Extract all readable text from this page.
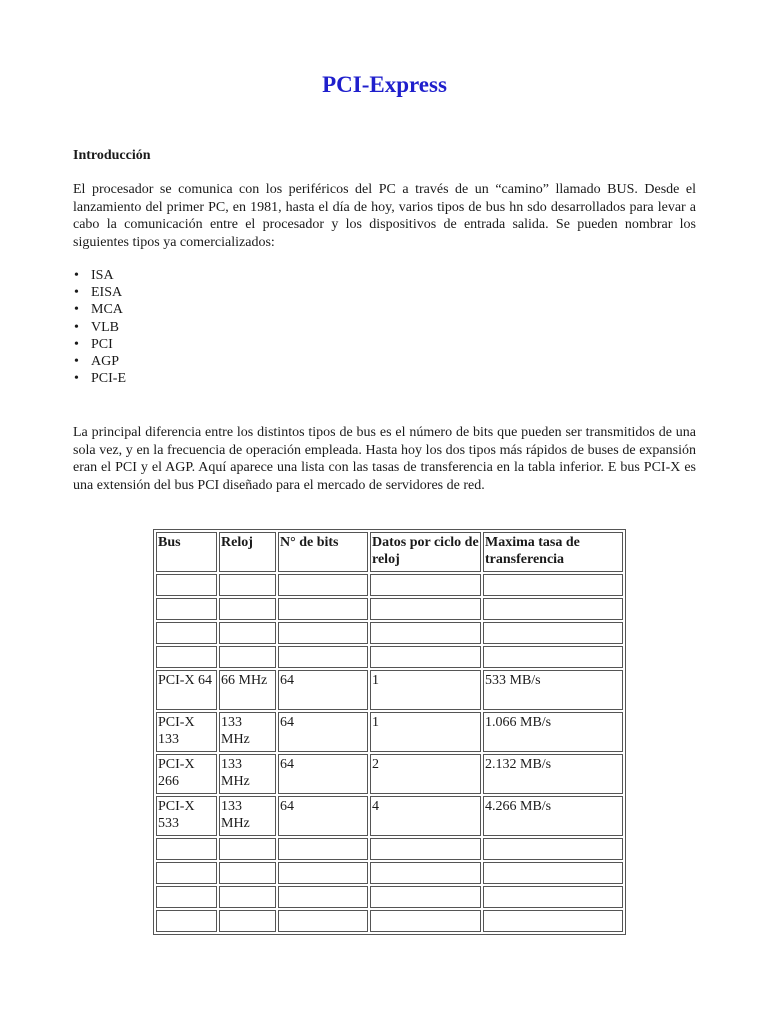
PCI-Express
Introducción

El procesador se comunica con los periféricos del PC a través de un “camino” llamado BUS. Desde el lanzamiento del primer PC, en 1981, hasta el día de hoy, varios tipos de bus hn sdo desarrollados para levar a cabo la comunicación entre el procesador y los dispositivos de entrada salida. Se pueden nombrar los siguientes tipos ya comercializados:

• ISA
• EISA
• MCA
• VLB
• PCI
• AGP
• PCI-E

La principal diferencia entre los distintos tipos de bus es el número de bits que pueden ser transmitidos de una sola vez, y en la frecuencia de operación empleada. Hasta hoy los dos tipos más rápidos de buses de expansión eran el PCI y el AGP. Aquí aparece una lista con las tasas de transferencia en la tabla inferior. E bus PCI-X es una extensión del bus PCI diseñado para el mercado de servidores de red.

Bus	Reloj	N° de bits	Datos por ciclo de reloj	Maxima tasa de transferencia

PCI-X 64	66 MHz	64	1	533 MB/s
PCI-X 133	133 MHz	64	1	1.066 MB/s
PCI-X 266	133 MHz	64	2	2.132 MB/s
PCI-X 533	133 MHz	64	4	4.266 MB/s
